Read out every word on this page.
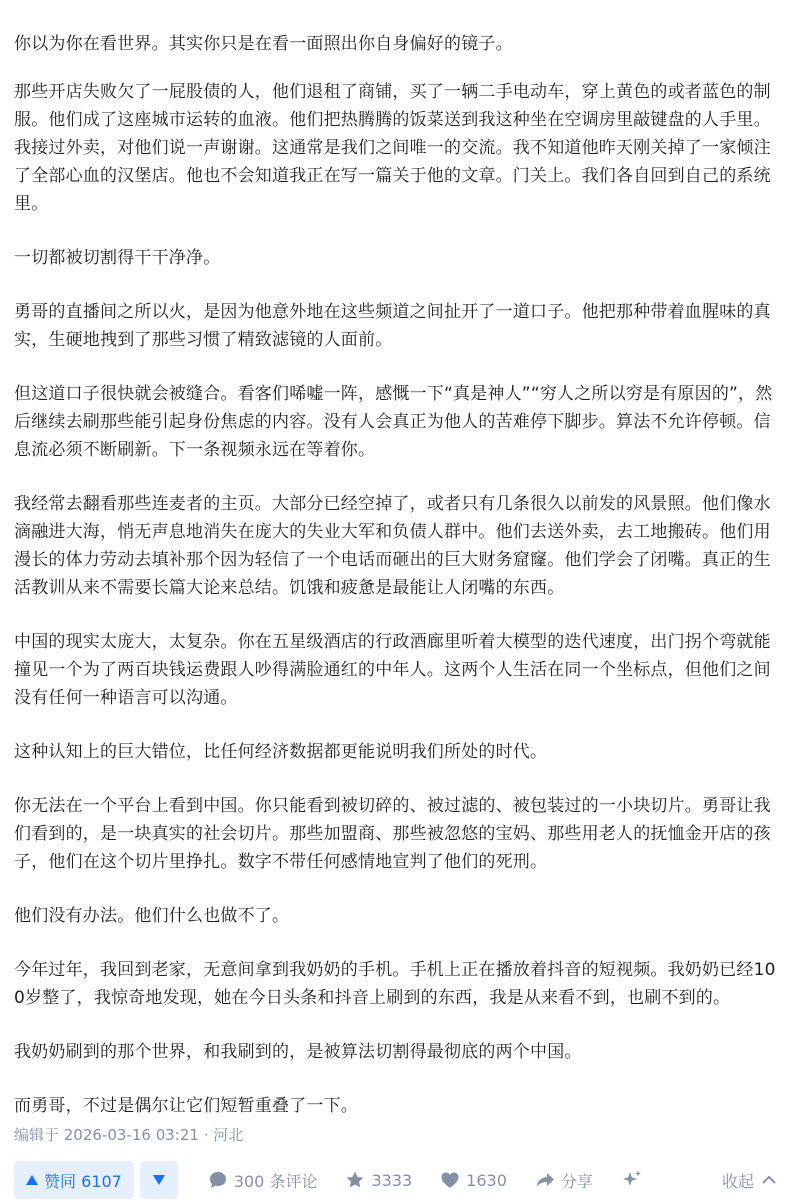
你以为你在看世界。其实你只是在看一面照出你自身偏好的镜子。

那些开店失败欠了一屁股债的人，他们退租了商铺，买了一辆二手电动车，穿上黄色的或者蓝色的制服。他们成了这座城市运转的血液。他们把热腾腾的饭菜送到我这种坐在空调房里敲键盘的人手里。我接过外卖，对他们说一声谢谢。这通常是我们之间唯一的交流。我不知道他昨天刚关掉了一家倾注了全部心血的汉堡店。他也不会知道我正在写一篇关于他的文章。门关上。我们各自回到自己的系统里。

一切都被切割得干干净净。

勇哥的直播间之所以火，是因为他意外地在这些频道之间扯开了一道口子。他把那种带着血腥味的真实，生硬地拽到了那些习惯了精致滤镜的人面前。

但这道口子很快就会被缝合。看客们唏嘘一阵，感慨一下“真是神人”“穷人之所以穷是有原因的”，然后继续去刷那些能引起身份焦虑的内容。没有人会真正为他人的苦难停下脚步。算法不允许停顿。信息流必须不断刷新。下一条视频永远在等着你。

我经常去翻看那些连麦者的主页。大部分已经空掉了，或者只有几条很久以前发的风景照。他们像水滴融进大海，悄无声息地消失在庞大的失业大军和负债人群中。他们去送外卖，去工地搬砖。他们用漫长的体力劳动去填补那个因为轻信了一个电话而砸出的巨大财务窟窿。他们学会了闭嘴。真正的生活教训从来不需要长篇大论来总结。饥饿和疲惫是最能让人闭嘴的东西。

中国的现实太庞大，太复杂。你在五星级酒店的行政酒廊里听着大模型的迭代速度，出门拐个弯就能撞见一个为了两百块钱运费跟人吵得满脸通红的中年人。这两个人生活在同一个坐标点，但他们之间没有任何一种语言可以沟通。

这种认知上的巨大错位，比任何经济数据都更能说明我们所处的时代。

你无法在一个平台上看到中国。你只能看到被切碎的、被过滤的、被包装过的一小块切片。勇哥让我们看到的，是一块真实的社会切片。那些加盟商、那些被忽悠的宝妈、那些用老人的抚恤金开店的孩子，他们在这个切片里挣扎。数字不带任何感情地宣判了他们的死刑。

他们没有办法。他们什么也做不了。

今年过年，我回到老家，无意间拿到我奶奶的手机。手机上正在播放着抖音的短视频。我奶奶已经100岁整了，我惊奇地发现，她在今日头条和抖音上刷到的东西，我是从来看不到，也刷不到的。

我奶奶刷到的那个世界，和我刷到的，是被算法切割得最彻底的两个中国。

而勇哥，不过是偶尔让它们短暂重叠了一下。

编辑于 2026-03-16 03:21 · 河北
赞同 6107	300 条评论	3333	1630	分享	收起
